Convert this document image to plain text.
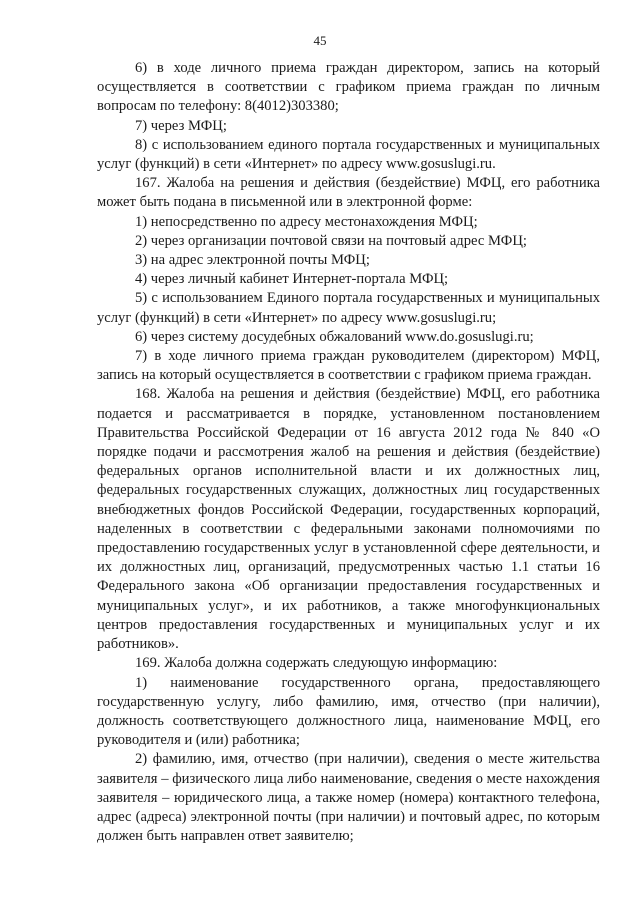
45

6) в ходе личного приема граждан директором, запись на который осуществляется в соответствии с графиком приема граждан по личным вопросам по телефону: 8(4012)303380;

7) через МФЦ;

8) с использованием единого портала государственных и муниципальных услуг (функций) в сети «Интернет» по адресу www.gosuslugi.ru.

167. Жалоба на решения и действия (бездействие) МФЦ, его работника может быть подана в письменной или в электронной форме:

1) непосредственно по адресу местонахождения МФЦ;

2) через организации почтовой связи на почтовый адрес МФЦ;

3) на адрес электронной почты МФЦ;

4) через личный кабинет Интернет-портала МФЦ;

5) с использованием Единого портала государственных и муниципальных услуг (функций) в сети «Интернет» по адресу www.gosuslugi.ru;

6) через систему досудебных обжалований www.do.gosuslugi.ru;

7) в ходе личного приема граждан руководителем (директором) МФЦ, запись на который осуществляется в соответствии с графиком приема граждан.

168. Жалоба на решения и действия (бездействие) МФЦ, его работника подается и рассматривается в порядке, установленном постановлением Правительства Российской Федерации от 16 августа 2012 года № 840 «О порядке подачи и рассмотрения жалоб на решения и действия (бездействие) федеральных органов исполнительной власти и их должностных лиц, федеральных государственных служащих, должностных лиц государственных внебюджетных фондов Российской Федерации, государственных корпораций, наделенных в соответствии с федеральными законами полномочиями по предоставлению государственных услуг в установленной сфере деятельности, и их должностных лиц, организаций, предусмотренных частью 1.1 статьи 16 Федерального закона «Об организации предоставления государственных и муниципальных услуг», и их работников, а также многофункциональных центров предоставления государственных и муниципальных услуг и их работников».

169. Жалоба должна содержать следующую информацию:

1) наименование государственного органа, предоставляющего государственную услугу, либо фамилию, имя, отчество (при наличии), должность соответствующего должностного лица, наименование МФЦ, его руководителя и (или) работника;

2) фамилию, имя, отчество (при наличии), сведения о месте жительства заявителя – физического лица либо наименование, сведения о месте нахождения заявителя – юридического лица, а также номер (номера) контактного телефона, адрес (адреса) электронной почты (при наличии) и почтовый адрес, по которым должен быть направлен ответ заявителю;
